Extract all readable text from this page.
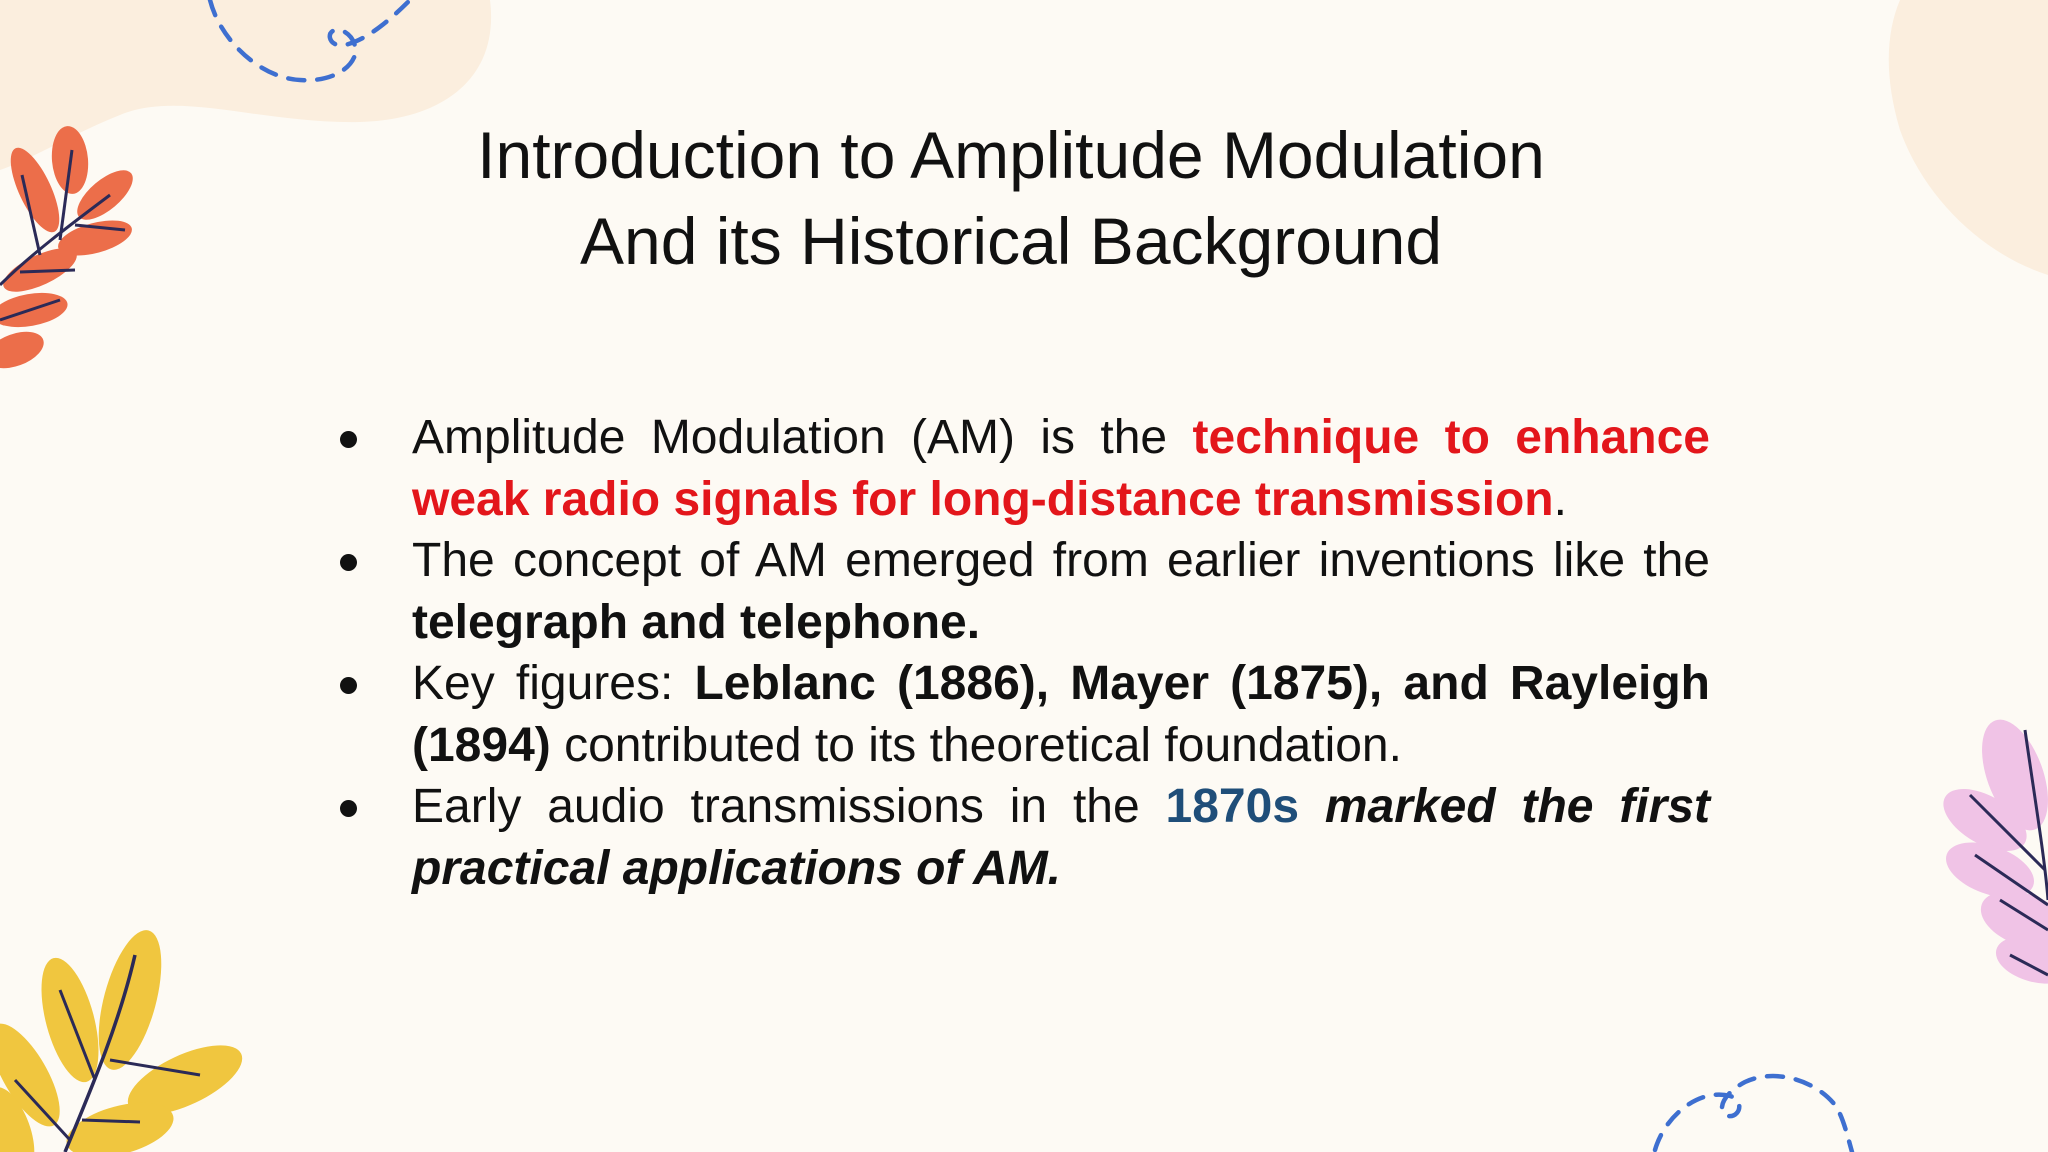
Introduction to Amplitude Modulation
And its Historical Background
Amplitude Modulation (AM) is the technique to enhance weak radio signals for long-distance transmission.
The concept of AM emerged from earlier inventions like the telegraph and telephone.
Key figures: Leblanc (1886), Mayer (1875), and Rayleigh (1894) contributed to its theoretical foundation.
Early audio transmissions in the 1870s marked the first practical applications of AM.
